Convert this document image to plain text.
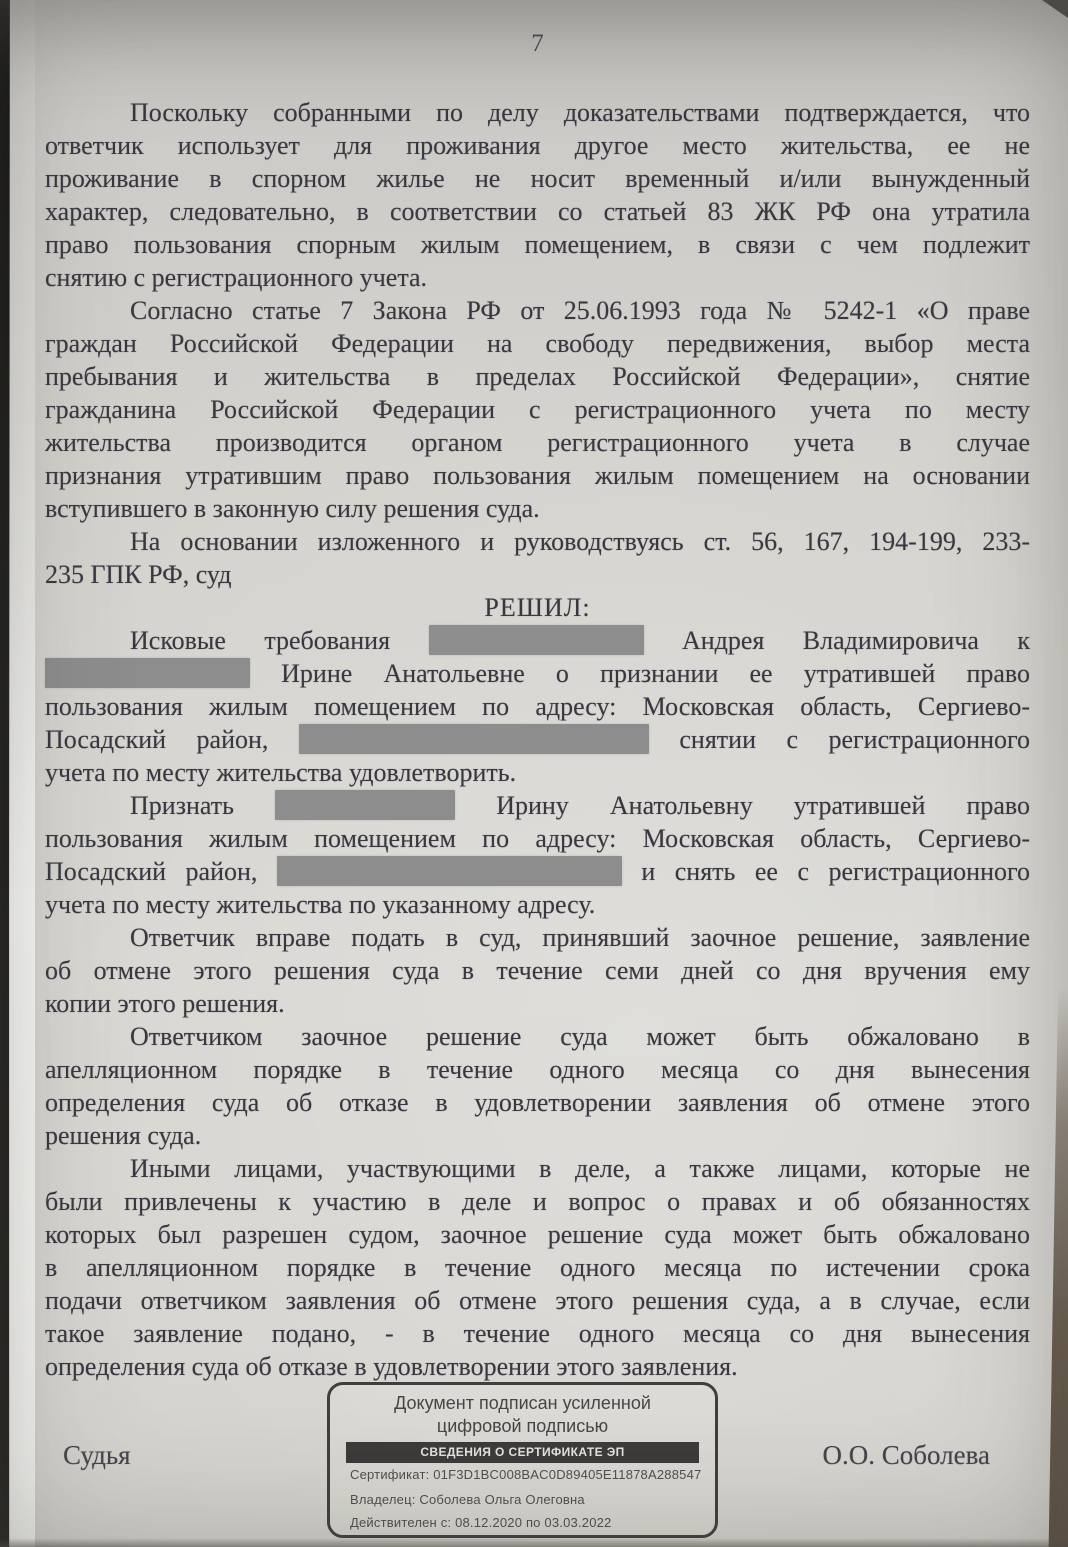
7
Поскольку собранными по делу доказательствами подтверждается, что
ответчик использует для проживания другое место жительства, ее не
проживание в спорном жилье не носит временный и/или вынужденный
характер, следовательно, в соответствии со статьей 83 ЖК РФ она утратила
право пользования спорным жилым помещением, в связи с чем подлежит
снятию с регистрационного учета.
Согласно статье 7 Закона РФ от 25.06.1993 года № 5242-1 «О праве
граждан Российской Федерации на свободу передвижения, выбор места
пребывания и жительства в пределах Российской Федерации», снятие
гражданина Российской Федерации с регистрационного учета по месту
жительства производится органом регистрационного учета в случае
признания утратившим право пользования жилым помещением на основании
вступившего в законную силу решения суда.
На основании изложенного и руководствуясь ст. 56, 167, 194-199, 233-
235 ГПК РФ, суд
РЕШИЛ:
Исковые требования	Андрея Владимировича к
Ирине Анатольевне о признании ее утратившей право
пользования жилым помещением по адресу: Московская область, Сергиево-
Посадский район,	снятии с регистрационного
учета по месту жительства удовлетворить.
Признать	Ирину Анатольевну утратившей право
пользования жилым помещением по адресу: Московская область, Сергиево-
Посадский район,	и снять ее с регистрационного
учета по месту жительства по указанному адресу.
Ответчик вправе подать в суд, принявший заочное решение, заявление
об отмене этого решения суда в течение семи дней со дня вручения ему
копии этого решения.
Ответчиком заочное решение суда может быть обжаловано в
апелляционном порядке в течение одного месяца со дня вынесения
определения суда об отказе в удовлетворении заявления об отмене этого
решения суда.
Иными лицами, участвующими в деле, а также лицами, которые не
были привлечены к участию в деле и вопрос о правах и об обязанностях
которых был разрешен судом, заочное решение суда может быть обжаловано
в апелляционном порядке в течение одного месяца по истечении срока
подачи ответчиком заявления об отмене этого решения суда, а в случае, если
такое заявление подано, - в течение одного месяца со дня вынесения
определения суда об отказе в удовлетворении этого заявления.
Судья	О.О. Соболева
Документ подписан усиленной
цифровой подписью
СВЕДЕНИЯ О СЕРТИФИКАТЕ ЭП
Сертификат: 01F3D1BC008BAC0D89405E11878A288547
Владелец: Соболева Ольга Олеговна
Действителен с: 08.12.2020 по 03.03.2022
